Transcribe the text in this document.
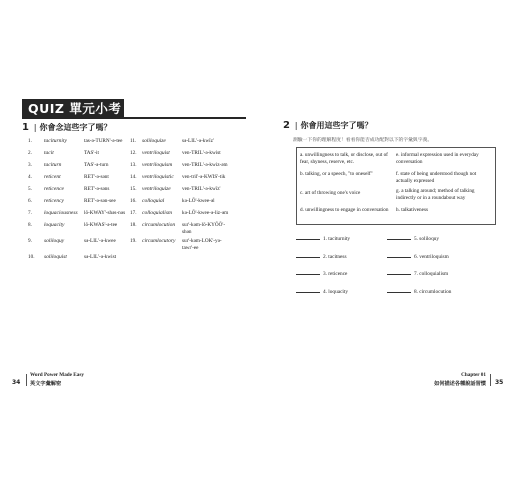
QUIZ 單元小考
1 | 你會念這些字了嗎？
1. taciturnity	tas-ə-TURN'-ə-tee
2. tacit	TAS'-it
3. taciturn	TAS'-ə-turn
4. reticent	RET'-ə-sənt
5. reticence	RET'-ə-səns
6. reticency	RET'-ə-sən-see
7. loquaciousness lō-KWAY'-shəs-nəs
8. loquacity	lō-KWAS'-ə-tee
9. soliloquy	sə-LIL'-ə-kwee
10. soliloquist	sə-LIL'-ə-kwist
11. soliloquize	sə-LIL'-ə-kwīz'
12. ventriloquist ven-TRIL'-ə-kwist
13. ventriloquism ven-TRIL'-ə-kwiz-əm
14. ventriloquistic ven-tril'-ə-KWIS'-tik
15. ventriloquize ven-TRIL'-ə-kwīz'
16. colloquial	kə-LŌ'-kwee-əl
17. colloquialism kə-LŌ'-kwee-ə-liz-əm
18. circumlocution sur'-kəm-lō-KYŌŌ'-
shən
19. circumlocutory sur'-kəm-LOK'-yə-
tawr'-ee
2 | 你會用這些字了嗎？
測驗一下你的理解程度！看看你能否成功配對以下的字彙與字義。
a. unwillingness to talk, or disclose, out of fear, shyness, reserve, etc.
b. talking, or a speech, "to oneself"
c. art of throwing one's voice
d. unwillingness to engage in conversation
e. informal expression used in everyday conversation
f. state of being understood though not actually expressed
g. a talking around; method of talking indirectly or in a roundabout way
h. talkativeness
1. taciturnity
2. tacitness
3. reticence
4. loquacity
5. soliloquy
6. ventriloquism
7. colloquialism
8. circumlocution
34
Word Power Made Easy
英文字彙解密
Chapter 01
如何描述各種說話習慣 35
